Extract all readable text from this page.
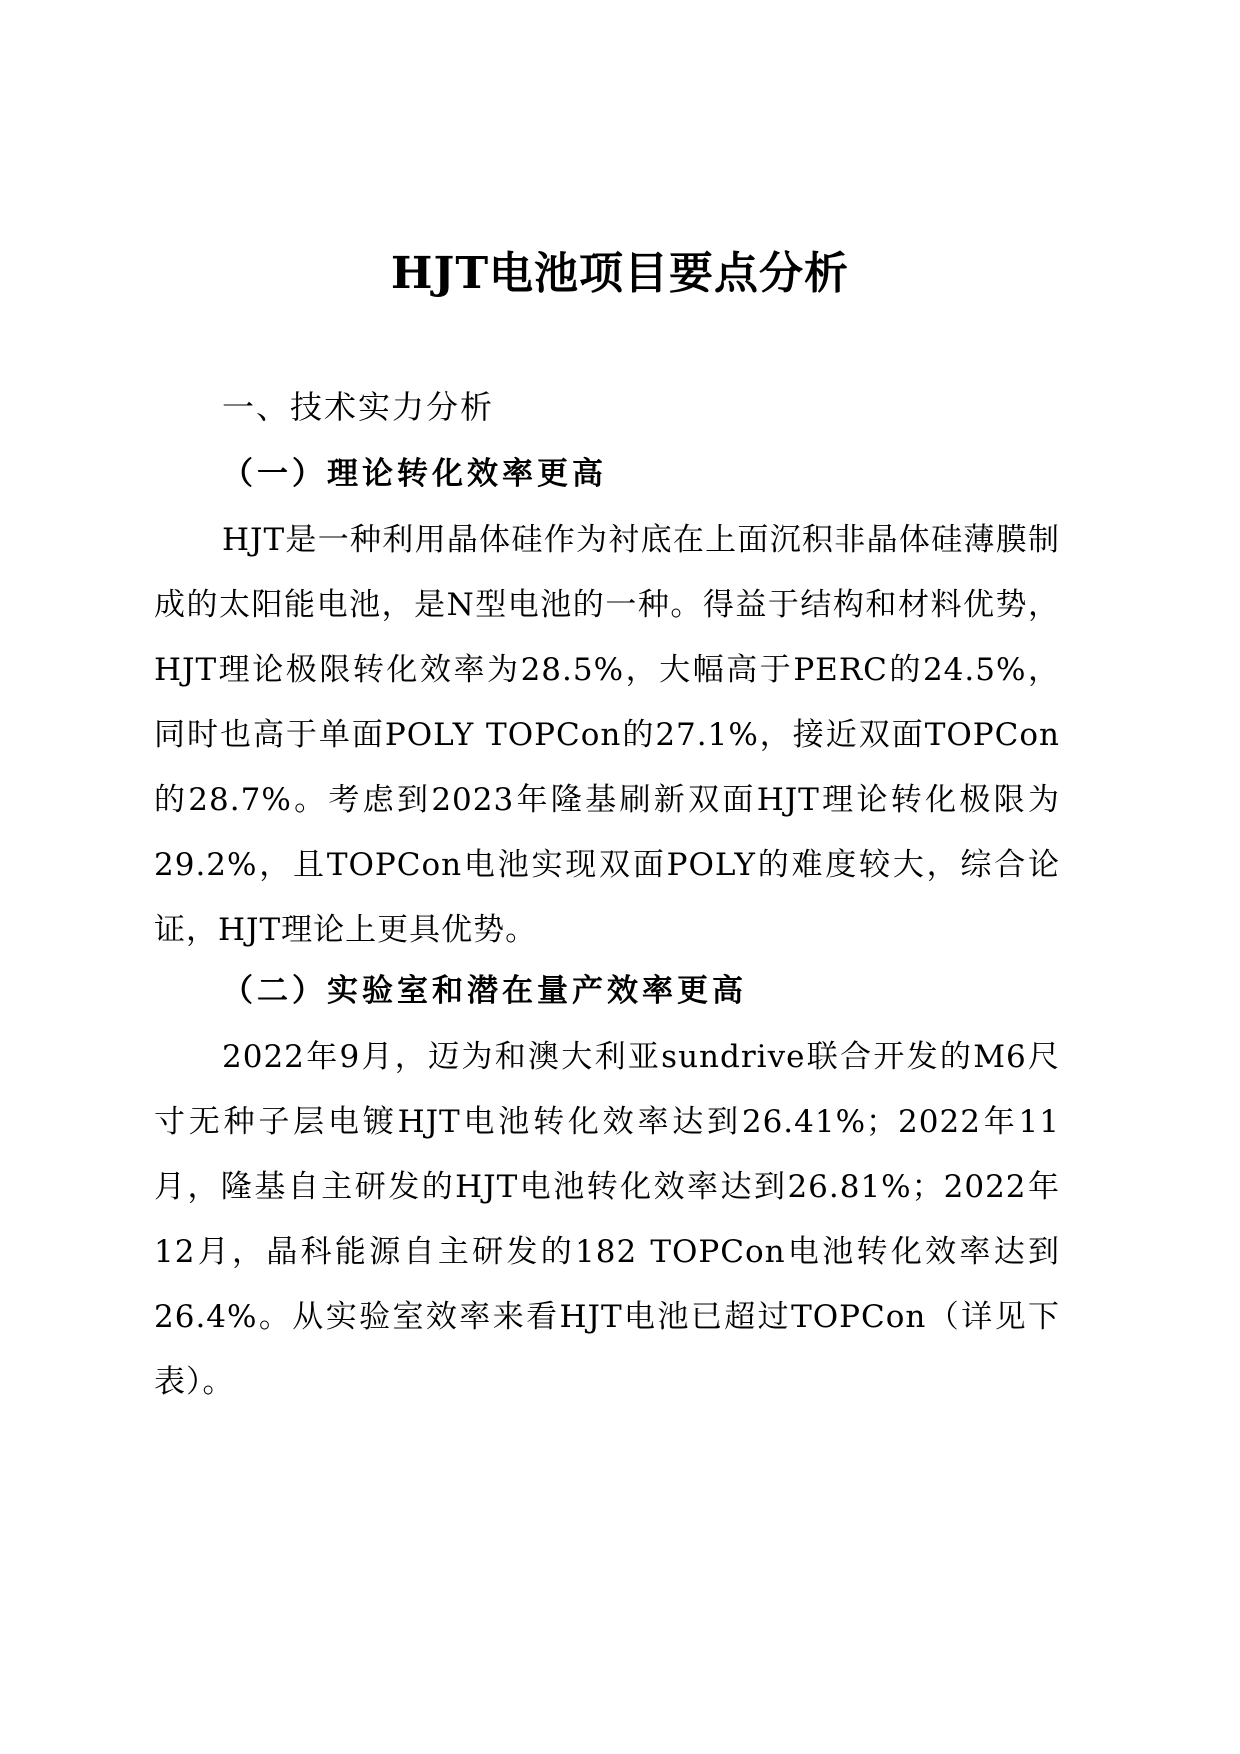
HJT电池项目要点分析
一、技术实力分析
（一）理论转化效率更高

HJT是一种利用晶体硅作为衬底在上面沉积非晶体硅薄膜制成的太阳能电池，是N型电池的一种。得益于结构和材料优势，HJT理论极限转化效率为28.5%，大幅高于PERC的24.5%，同时也高于单面POLY TOPCon的27.1%，接近双面TOPCon的28.7%。考虑到2023年隆基刷新双面HJT理论转化极限为29.2%，且TOPCon电池实现双面POLY的难度较大，综合论证，HJT理论上更具优势。

（二）实验室和潜在量产效率更高

2022年9月，迈为和澳大利亚sundrive联合开发的M6尺寸无种子层电镀HJT电池转化效率达到26.41%；2022年11月，隆基自主研发的HJT电池转化效率达到26.81%；2022年12月，晶科能源自主研发的182 TOPCon电池转化效率达到26.4%。从实验室效率来看HJT电池已超过TOPCon（详见下表）。
